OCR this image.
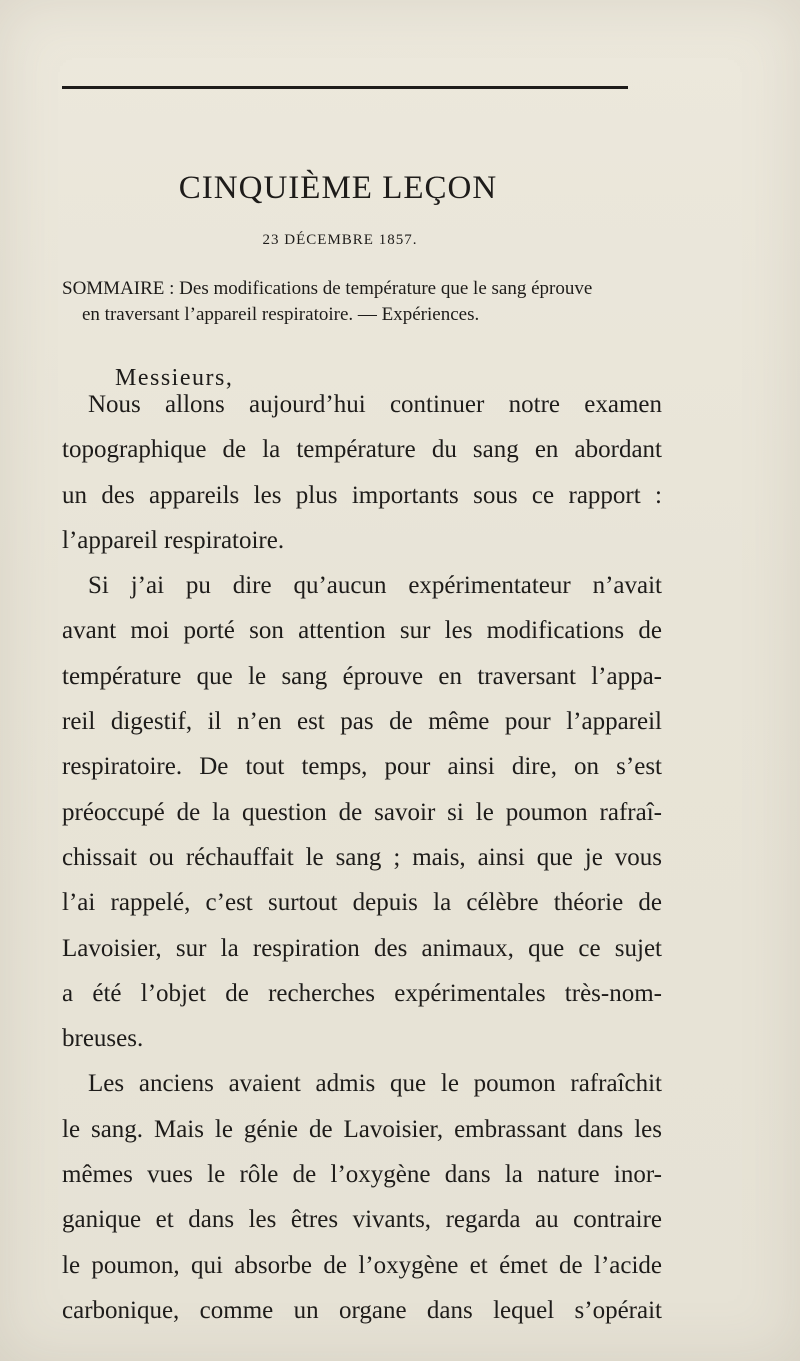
CINQUIÈME LEÇON
23 DÉCEMBRE 1857.
SOMMAIRE : Des modifications de température que le sang éprouve
en traversant l’appareil respiratoire. — Expériences.
Messieurs,
Nous allons aujourd’hui continuer notre examen
topographique de la température du sang en abordant
un des appareils les plus importants sous ce rapport :
l’appareil respiratoire.
Si j’ai pu dire qu’aucun expérimentateur n’avait
avant moi porté son attention sur les modifications de
température que le sang éprouve en traversant l’appa-
reil digestif, il n’en est pas de même pour l’appareil
respiratoire. De tout temps, pour ainsi dire, on s’est
préoccupé de la question de savoir si le poumon rafraî-
chissait ou réchauffait le sang ; mais, ainsi que je vous
l’ai rappelé, c’est surtout depuis la célèbre théorie de
Lavoisier, sur la respiration des animaux, que ce sujet
a été l’objet de recherches expérimentales très-nom-
breuses.
Les anciens avaient admis que le poumon rafraîchit
le sang. Mais le génie de Lavoisier, embrassant dans les
mêmes vues le rôle de l’oxygène dans la nature inor-
ganique et dans les êtres vivants, regarda au contraire
le poumon, qui absorbe de l’oxygène et émet de l’acide
carbonique, comme un organe dans lequel s’opérait
